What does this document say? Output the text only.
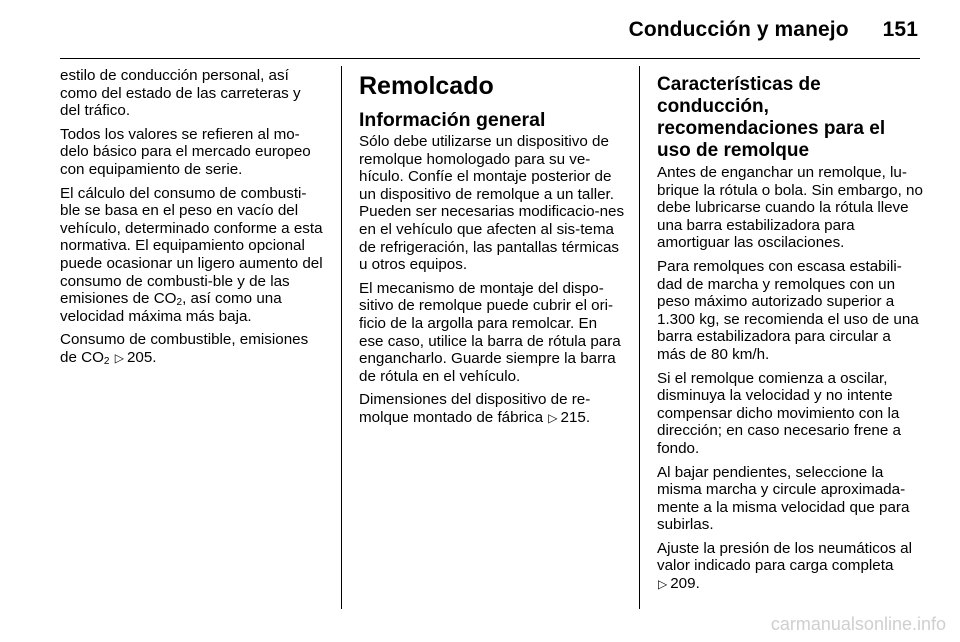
Conducción y manejo 151

estilo de conducción personal, así como del estado de las carreteras y del tráfico.

Todos los valores se refieren al mo-delo básico para el mercado europeo con equipamiento de serie.

El cálculo del consumo de combusti-ble se basa en el peso en vacío del vehículo, determinado conforme a esta normativa. El equipamiento opcional puede ocasionar un ligero aumento del consumo de combusti-ble y de las emisiones de $CO_2$, así como una velocidad máxima más baja.

Consumo de combustible, emisiones de $CO_2$ ▷ 205.

Remolcado
Información general

Sólo debe utilizarse un dispositivo de remolque homologado para su ve-hículo. Confíe el montaje posterior de un dispositivo de remolque a un taller. Pueden ser necesarias modificacio-nes en el vehículo que afecten al sis-tema de refrigeración, las pantallas térmicas u otros equipos.

El mecanismo de montaje del dispo-sitivo de remolque puede cubrir el ori-ficio de la argolla para remolcar. En ese caso, utilice la barra de rótula para engancharlo. Guarde siempre la barra de rótula en el vehículo.

Dimensiones del dispositivo de re-molque montado de fábrica ▷ 215.

Características de conducción, recomendaciones para el uso de remolque

Antes de enganchar un remolque, lu-brique la rótula o bola. Sin embargo, no debe lubricarse cuando la rótula lleve una barra estabilizadora para amortiguar las oscilaciones.

Para remolques con escasa estabili-dad de marcha y remolques con un peso máximo autorizado superior a 1.300 kg, se recomienda el uso de una barra estabilizadora para circular a más de 80 km/h.

Si el remolque comienza a oscilar, disminuya la velocidad y no intente compensar dicho movimiento con la dirección; en caso necesario frene a fondo.

Al bajar pendientes, seleccione la misma marcha y circule aproximada-mente a la misma velocidad que para subirlas.

Ajuste la presión de los neumáticos al valor indicado para carga completa
▷ 209.

carmanualsonline.info
